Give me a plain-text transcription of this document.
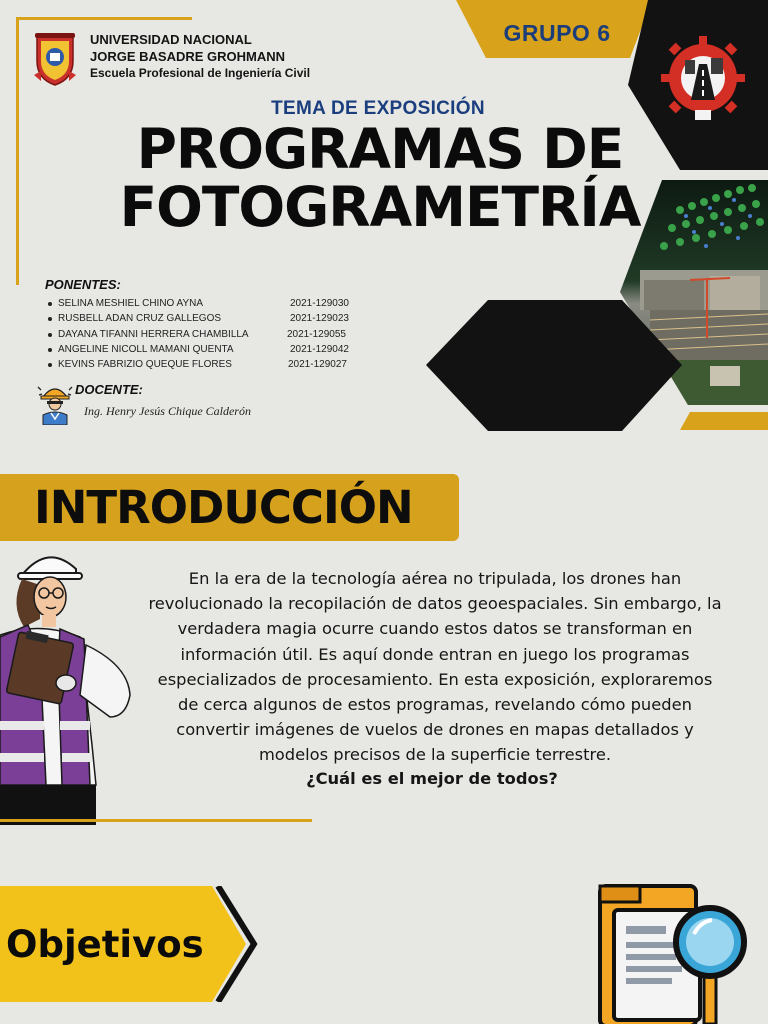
UNIVERSIDAD NACIONAL
JORGE BASADRE GROHMANN
Escuela Profesional de Ingeniería Civil
GRUPO 6
TEMA DE EXPOSICIÓN
PROGRAMAS DE
FOTOGRAMETRÍA
PONENTES:
SELINA MESHIEL CHINO AYNA	2021-129030
RUSBELL ADAN CRUZ GALLEGOS	2021-129023
DAYANA TIFANNI HERRERA CHAMBILLA	2021-129055
ANGELINE NICOLL MAMANI QUENTA	2021-129042
KEVINS FABRIZIO QUEQUE FLORES	2021-129027
DOCENTE:
Ing. Henry Jesús Chique Calderón
INTRODUCCIÓN
En la era de la tecnología aérea no tripulada, los drones han
revolucionado la recopilación de datos geoespaciales. Sin embargo, la
verdadera magia ocurre cuando estos datos se transforman en
información útil. Es aquí donde entran en juego los programas
especializados de procesamiento. En esta exposición, exploraremos
de cerca algunos de estos programas, revelando cómo pueden
convertir imágenes de vuelos de drones en mapas detallados y
modelos precisos de la superficie terrestre.
¿Cuál es el mejor de todos?
Objetivos
